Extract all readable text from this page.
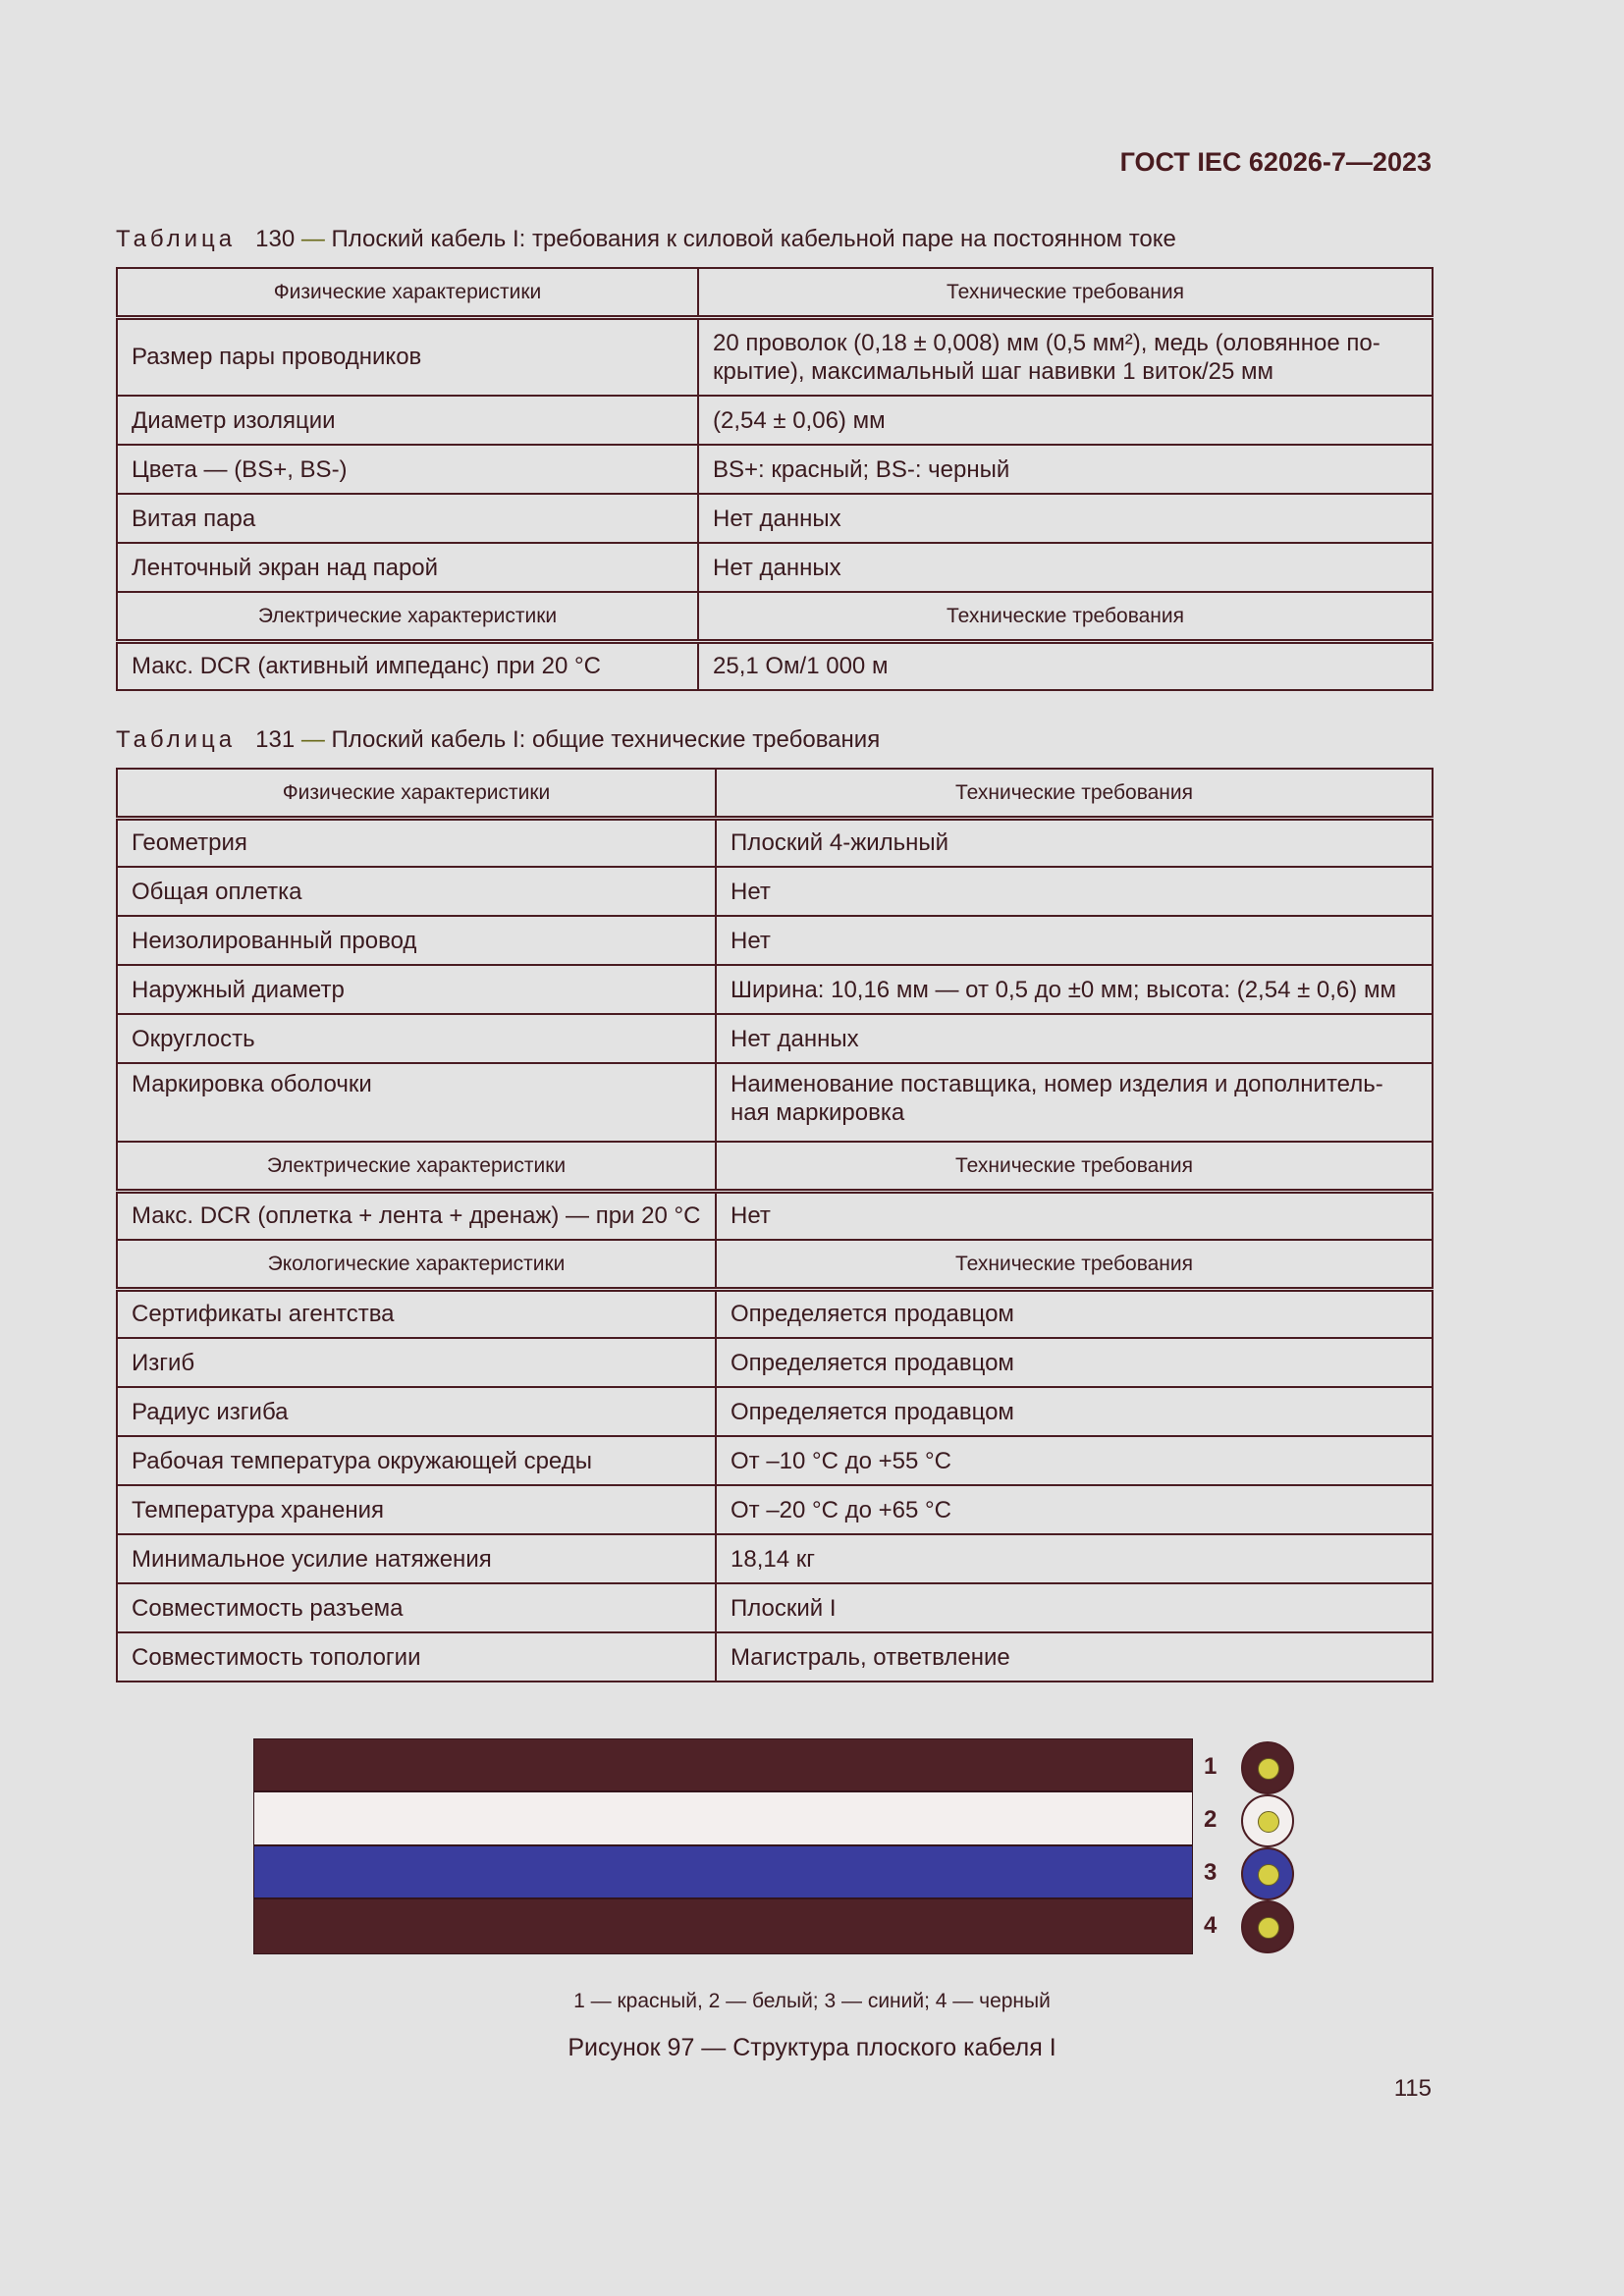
ГОСТ IEC 62026-7—2023
Таблица 130 — Плоский кабель I: требования к силовой кабельной паре на постоянном токе
Физические характеристики	Технические требования
Размер пары проводников	20 проволок (0,18 ± 0,008) мм (0,5 мм²), медь (оловянное по-крытие), максимальный шаг навивки 1 виток/25 мм
Диаметр изоляции	(2,54 ± 0,06) мм
Цвета — (BS+, BS-)	BS+: красный; BS-: черный
Витая пара	Нет данных
Ленточный экран над парой	Нет данных
Электрические характеристики	Технические требования
Макс. DCR (активный импеданс) при 20 °С	25,1 Ом/1 000 м
Таблица 131 — Плоский кабель I: общие технические требования
Физические характеристики	Технические требования
Геометрия	Плоский 4-жильный
Общая оплетка	Нет
Неизолированный провод	Нет
Наружный диаметр	Ширина: 10,16 мм — от 0,5 до ±0 мм; высота: (2,54 ± 0,6) мм
Округлость	Нет данных
Маркировка оболочки	Наименование поставщика, номер изделия и дополнитель-ная маркировка
Электрические характеристики	Технические требования
Макс. DCR (оплетка + лента + дренаж) — при 20 °С	Нет
Экологические характеристики	Технические требования
Сертификаты агентства	Определяется продавцом
Изгиб	Определяется продавцом
Радиус изгиба	Определяется продавцом
Рабочая температура окружающей среды	От –10 °С до +55 °С
Температура хранения	От –20 °С до +65 °С
Минимальное усилие натяжения	18,14 кг
Совместимость разъема	Плоский I
Совместимость топологии	Магистраль, ответвление
1
2
3
4
1 — красный, 2 — белый; 3 — синий; 4 — черный
Рисунок 97 — Структура плоского кабеля I
115
